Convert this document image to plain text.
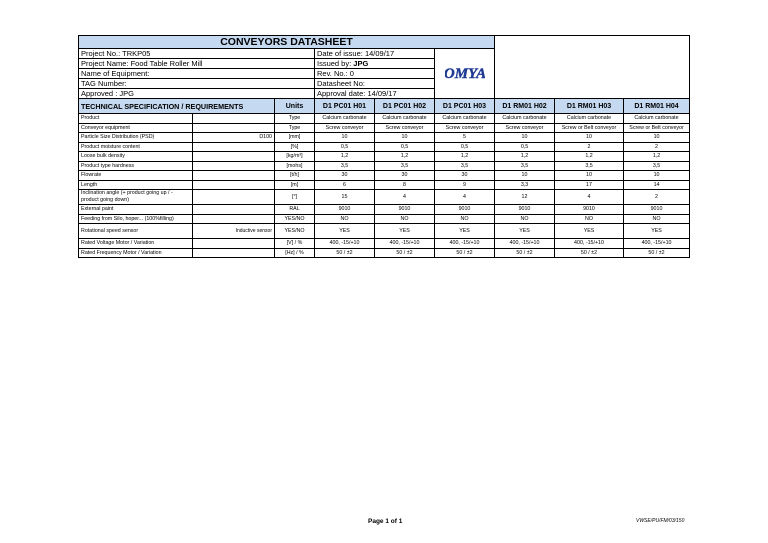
CONVEYORS DATASHEET								
Project No.: TRKP05			Date of issue: 14/09/17		OMYA			

Project Name: Food Table Roller Mill			Issued by: JPG					
Name of Equipment:			Rev. No.: 0					
TAG Number:			Datasheet No:					
Approved : JPG			Approval date: 14/09/17					
TECHNICAL SPECIFICATION / REQUIREMENTS		Units	D1 PC01 H01	D1 PC01 H02	D1 PC01 H03	D1 RM01 H02	D1 RM01 H03	D1 RM01 H04
Product		Type	Calcium carbonate	Calcium carbonate	Calcium carbonate	Calcium carbonate	Calcium carbonate	Calcium carbonate
Conveyor equipment		Type	Screw conveyor	Screw conveyor	Screw conveyor	Screw conveyor	Screw or Belt conveyor	Screw or Belt conveyor
Particle Size Distribution (PSD)	D100	[mm]	10	10	5	10	10	10
Product moisture content		[%]	0,5	0,5	0,5	0,5	2	2
Loose bulk density		[kg/m³]	1,2	1,2	1,2	1,2	1,2	1,2
Product type hardness		[mohs]	3,5	3,5	3,5	3,5	3,5	3,5
Flowrate		[t/h]	30	30	30	10	10	10
Length		[m]	6	8	9	3,3	17	14
Inclination angle (+ product going up / - product going down)		[°]	15	4	4	12	4	2
External paint		RAL	9010	9010	9010	9010	9010	9010
Feeding from Silo, hoper... (100%filling)		YES/NO	NO	NO	NO	NO	NO	NO
Rotational speed sensor	Inductive sensor	YES/NO	YES	YES	YES	YES	YES	YES
Rated Voltage Motor / Variation		[V] / %	400, -15/+10	400, -15/+10	400, -15/+10	400, -15/+10	400, -15/+10	400, -15/+10
Rated Frequency Motor / Variation		[Hz] / %	50 / ±2	50 / ±2	50 / ±2	50 / ±2	50 / ±2	50 / ±2
Page 1 of 1	VWSE/PU/FM/03/150
